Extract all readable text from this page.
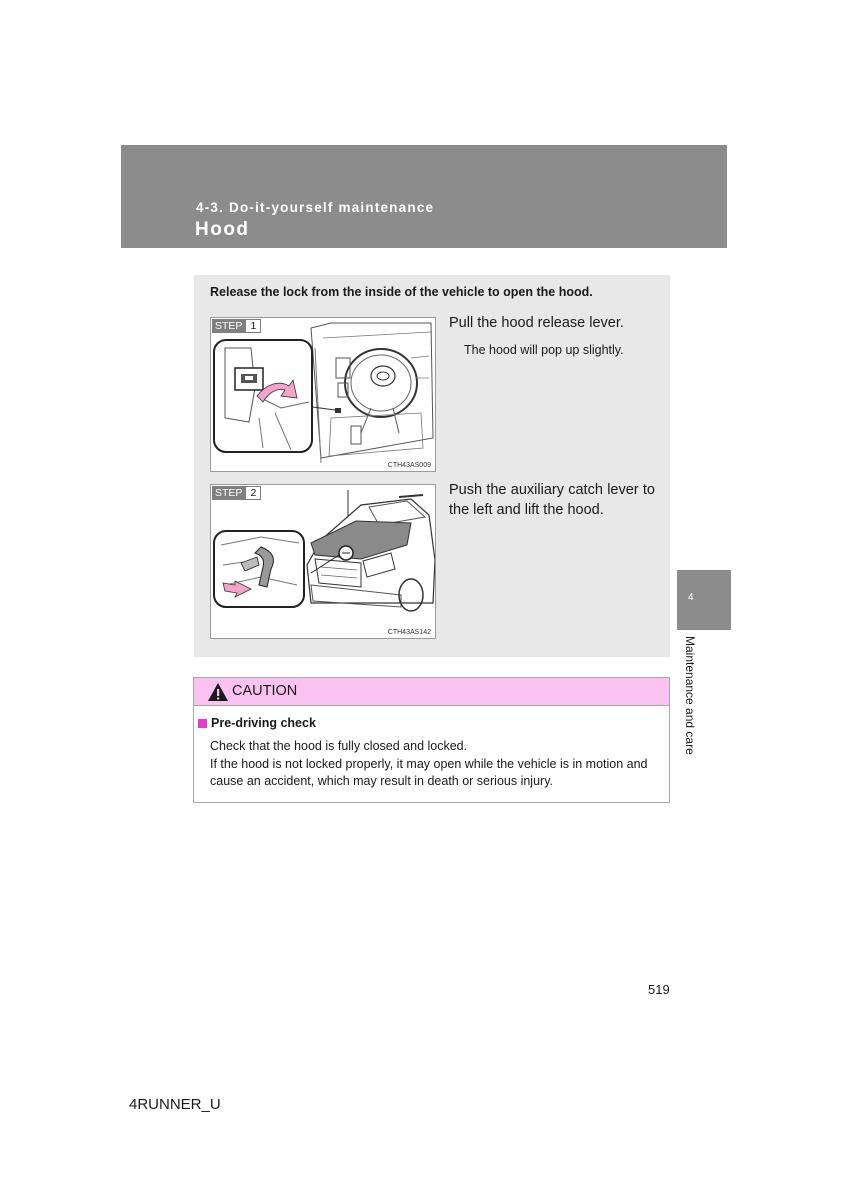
4-3. Do-it-yourself maintenance
Hood
4
Maintenance and care
Release the lock from the inside of the vehicle to open the hood.
STEP 1
CTH43AS009
Pull the hood release lever.
The hood will pop up slightly.
STEP 2
CTH43AS142
Push the auxiliary catch lever to the left and lift the hood.
CAUTION
Pre-driving check
Check that the hood is fully closed and locked.
If the hood is not locked properly, it may open while the vehicle is in motion and cause an accident, which may result in death or serious injury.
519
4RUNNER_U
